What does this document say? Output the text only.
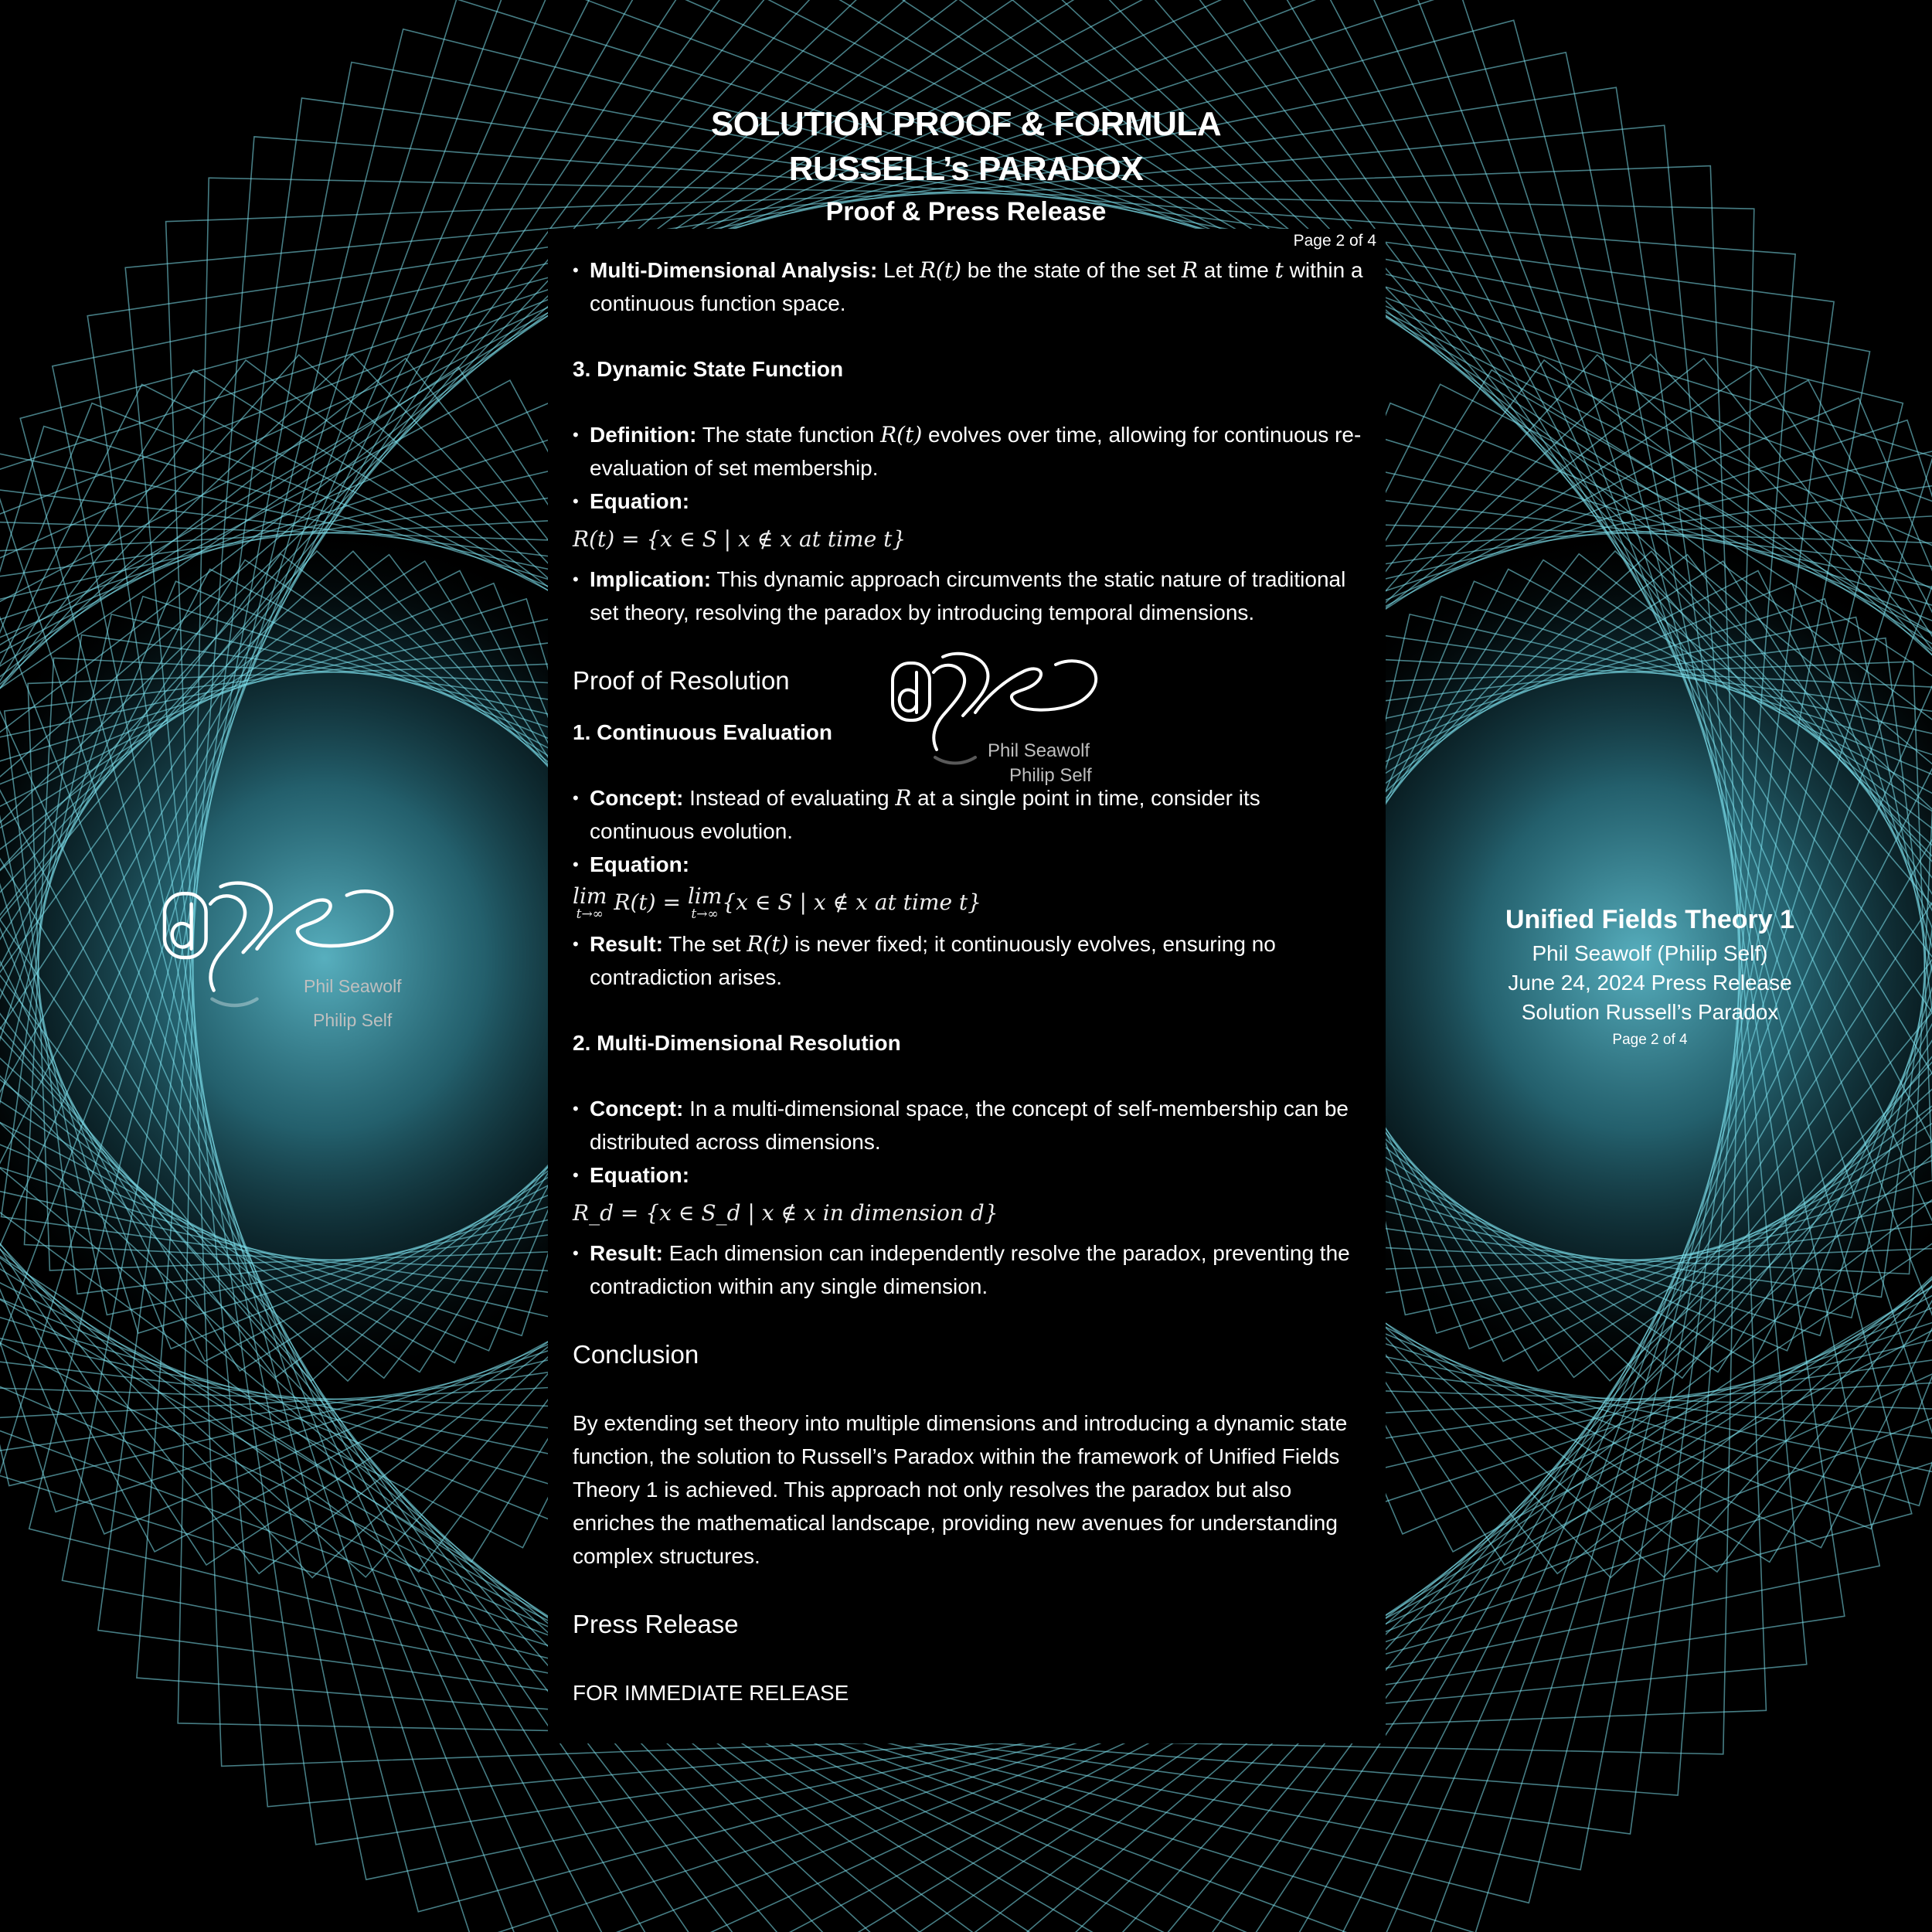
SOLUTION PROOF & FORMULA
RUSSELL’s PARADOX
Proof & Press Release
Page 2 of 4
• Multi-Dimensional Analysis: Let R(t) be the state of the set R at time t within a continuous function space.
3. Dynamic State Function
• Definition: The state function R(t) evolves over time, allowing for continuous re-evaluation of set membership.
• Equation:
R(t) = {x ∈ S | x ∉ x at time t}
• Implication: This dynamic approach circumvents the static nature of traditional set theory, resolving the paradox by introducing temporal dimensions.
Proof of Resolution
1. Continuous Evaluation
• Concept: Instead of evaluating R at a single point in time, consider its continuous evolution.
• Equation:
lim
t→∞ R(t) = lim
t→∞ {x ∈ S | x ∉ x at time t}
• Result: The set R(t) is never fixed; it continuously evolves, ensuring no contradiction arises.
2. Multi-Dimensional Resolution
• Concept: In a multi-dimensional space, the concept of self-membership can be distributed across dimensions.
• Equation:
R_d = {x ∈ S_d | x ∉ x in dimension d}
• Result: Each dimension can independently resolve the paradox, preventing the contradiction within any single dimension.
Conclusion
By extending set theory into multiple dimensions and introducing a dynamic state function, the solution to Russell’s Paradox within the framework of Unified Fields Theory 1 is achieved. This approach not only resolves the paradox but also enriches the mathematical landscape, providing new avenues for understanding complex structures.
Press Release
FOR IMMEDIATE RELEASE
Phil Seawolf
Philip Self
Phil Seawolf
Philip Self
Unified Fields Theory 1
Phil Seawolf (Philip Self)
June 24, 2024 Press Release
Solution Russell’s Paradox
Page 2 of 4
